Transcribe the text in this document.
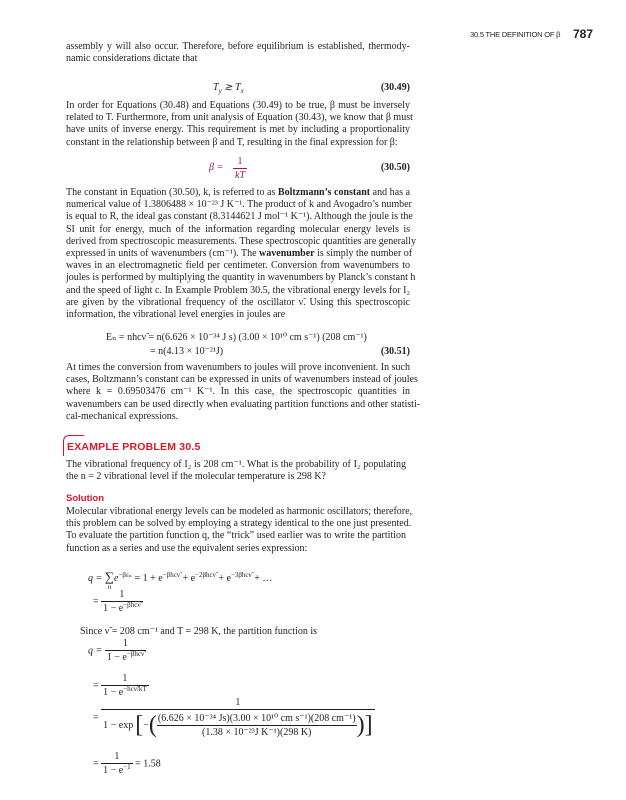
30.5 THE DEFINITION OF β 787
assembly y will also occur. Therefore, before equilibrium is established, thermody-
namic considerations dictate that
$T_y$ ≳ $T_x$	(30.49)
In order for Equations (30.48) and Equations (30.49) to be true, β must be inversely
related to T. Furthermore, from unit analysis of Equation (30.43), we know that β must
have units of inverse energy. This requirement is met by including a proportionality
constant in the relationship between β and T, resulting in the final expression for β:
$\beta = \frac{1}{kT}$	(30.50)
The constant in Equation (30.50), k, is referred to as Boltzmann’s constant and has a
numerical value of 1.3806488 × 10⁻²³ J K⁻¹. The product of k and Avogadro’s number
is equal to R, the ideal gas constant (8.3144621 J mol⁻¹ K⁻¹). Although the joule is the
SI unit for energy, much of the information regarding molecular energy levels is
derived from spectroscopic measurements. These spectroscopic quantities are generally
expressed in units of wavenumbers (cm⁻¹). The wavenumber is simply the number of
waves in an electromagnetic field per centimeter. Conversion from wavenumbers to
joules is performed by multiplying the quantity in wavenumbers by Planck’s constant h
and the speed of light c. In Example Problem 30.5, the vibrational energy levels for I₂
are given by the vibrational frequency of the oscillator ν̃. Using this spectroscopic
information, the vibrational level energies in joules are
Eₙ = nhcν̃ = n(6.626 × 10⁻³⁴ J s) (3.00 × 10¹⁰ cm s⁻¹) (208 cm⁻¹)
= n(4.13 × 10⁻²¹J)	(30.51)
At times the conversion from wavenumbers to joules will prove inconvenient. In such
cases, Boltzmann’s constant can be expressed in units of wavenumbers instead of joules
where k = 0.69503476 cm⁻¹ K⁻¹. In this case, the spectroscopic quantities in
wavenumbers can be used directly when evaluating partition functions and other statisti-
cal-mechanical expressions.
EXAMPLE PROBLEM 30.5
The vibrational frequency of I₂ is 208 cm⁻¹. What is the probability of I₂ populating
the n = 2 vibrational level if the molecular temperature is 298 K?
Solution
Molecular vibrational energy levels can be modeled as harmonic oscillators; therefore,
this problem can be solved by employing a strategy identical to the one just presented.
To evaluate the partition function q, the “trick” used earlier was to write the partition
function as a series and use the equivalent series expression:
q = ∑
n
$e^{-\beta\varepsilon_n} = 1 + e^{-\beta hc\nũ} + e^{-2\beta hc\nũ} + e^{-3\beta hc\nũ}$ + …
= $\frac{1}{1 - e^{-\beta hc\nũ}}$
Since ν̃ = 208 cm⁻¹ and T = 298 K, the partition function is
$q = \frac{1}{1 - e^{-\beta hc\nũ}}$
= $\frac{1}{1 - e^{-hc\nũ/kT}}$
=
1
1 − exp [ − ( $\frac{\text{(6.626 × 10⁻³⁴ Js)(3.00 × 10¹⁰ cm s⁻¹)(208 cm⁻¹)}}{\text{(1.38 × 10⁻²³J K⁻¹)(298 K)}}$ ) ]
= $\frac{1}{1 - e^{-1}} = 1.58$
